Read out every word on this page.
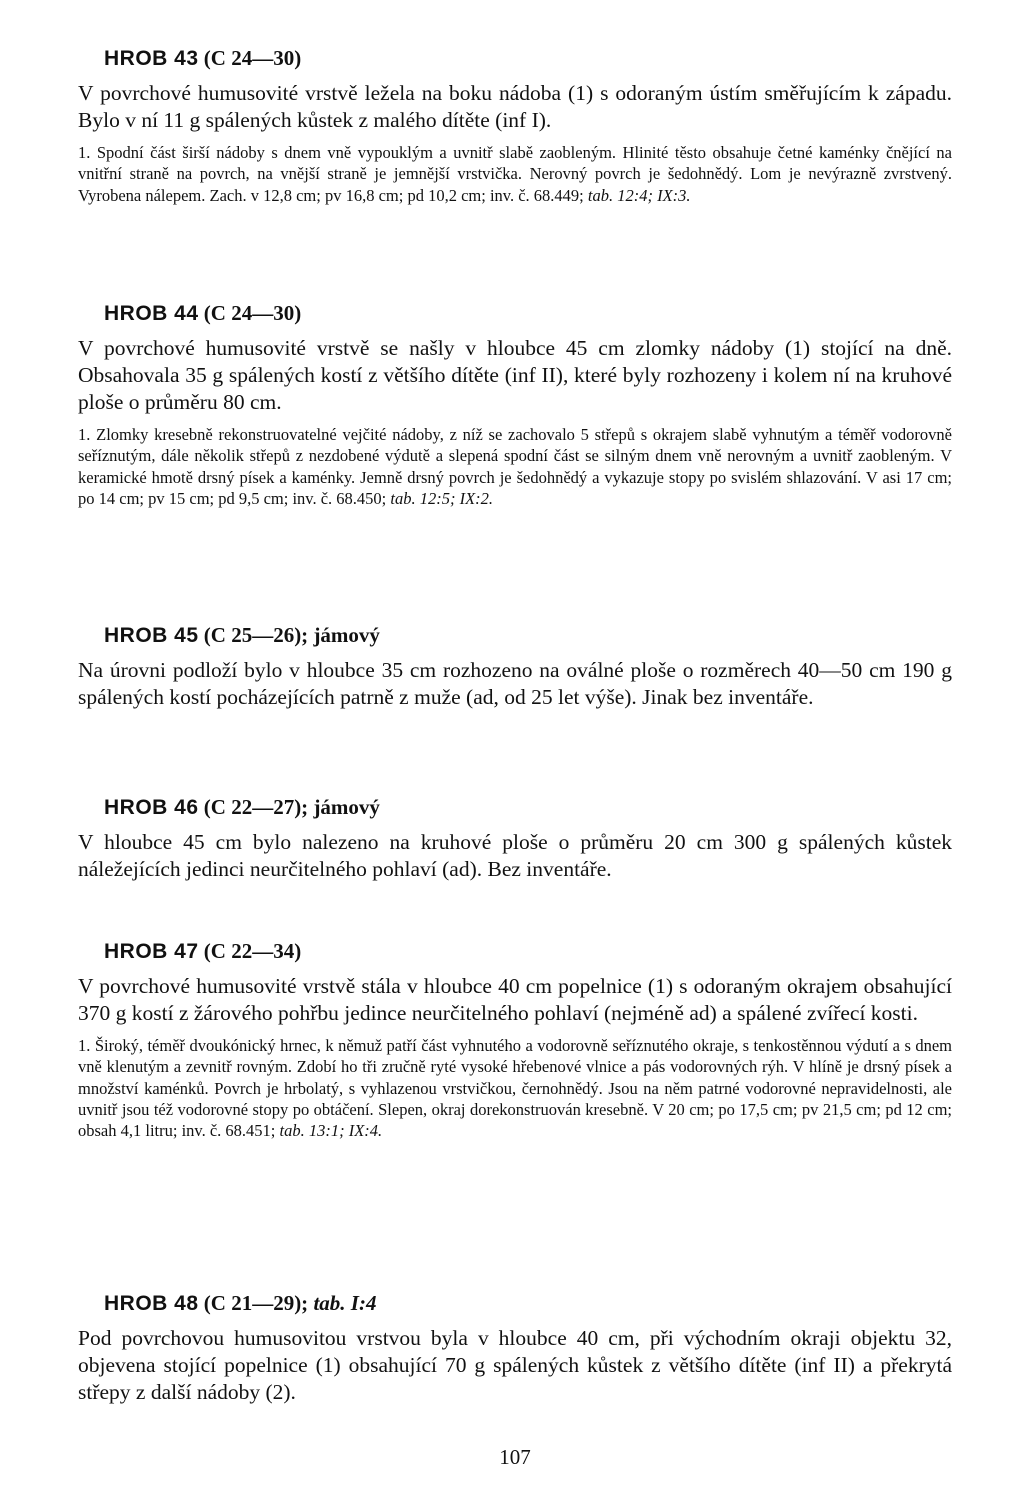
HROB 43 (C 24—30)

V povrchové humusovité vrstvě ležela na boku nádoba (1) s odoraným ústím směřujícím k západu. Bylo v ní 11 g spálených kůstek z malého dítěte (inf I).

1. Spodní část širší nádoby s dnem vně vypouklým a uvnitř slabě zaobleným. Hlinité těsto obsahuje četné kaménky čnějící na vnitřní straně na povrch, na vnější straně je jemnější vrstvička. Nerovný povrch je šedohnědý. Lom je nevýrazně zvrstvený. Vyrobena nálepem. Zach. v 12,8 cm; pv 16,8 cm; pd 10,2 cm; inv. č. 68.449; tab. 12:4; IX:3.

HROB 44 (C 24—30)

V povrchové humusovité vrstvě se našly v hloubce 45 cm zlomky nádoby (1) stojící na dně. Obsahovala 35 g spálených kostí z většího dítěte (inf II), které byly rozhozeny i kolem ní na kruhové ploše o průměru 80 cm.

1. Zlomky kresebně rekonstruovatelné vejčité nádoby, z níž se zachovalo 5 střepů s okrajem slabě vyhnutým a téměř vodorovně seříznutým, dále několik střepů z nezdobené výdutě a slepená spodní část se silným dnem vně nerovným a uvnitř zaobleným. V keramické hmotě drsný písek a kaménky. Jemně drsný povrch je šedohnědý a vykazuje stopy po svislém shlazování. V asi 17 cm; po 14 cm; pv 15 cm; pd 9,5 cm; inv. č. 68.450; tab. 12:5; IX:2.

HROB 45 (C 25—26); jámový

Na úrovni podloží bylo v hloubce 35 cm rozhozeno na oválné ploše o rozměrech 40—50 cm 190 g spálených kostí pocházejících patrně z muže (ad, od 25 let výše). Jinak bez inventáře.

HROB 46 (C 22—27); jámový

V hloubce 45 cm bylo nalezeno na kruhové ploše o průměru 20 cm 300 g spálených kůstek náležejících jedinci neurčitelného pohlaví (ad). Bez inventáře.

HROB 47 (C 22—34)

V povrchové humusovité vrstvě stála v hloubce 40 cm popelnice (1) s odoraným okrajem obsahující 370 g kostí z žárového pohřbu jedince neurčitelného pohlaví (nejméně ad) a spálené zvířecí kosti.

1. Široký, téměř dvoukónický hrnec, k němuž patří část vyhnutého a vodorovně seříznutého okraje, s tenkostěnnou výdutí a s dnem vně klenutým a zevnitř rovným. Zdobí ho tři zručně ryté vysoké hřebenové vlnice a pás vodorovných rýh. V hlíně je drsný písek a množství kaménků. Povrch je hrbolatý, s vyhlazenou vrstvičkou, černohnědý. Jsou na něm patrné vodorovné nepravidelnosti, ale uvnitř jsou též vodorovné stopy po obtáčení. Slepen, okraj dorekonstruován kresebně. V 20 cm; po 17,5 cm; pv 21,5 cm; pd 12 cm; obsah 4,1 litru; inv. č. 68.451; tab. 13:1; IX:4.

HROB 48 (C 21—29); tab. I:4

Pod povrchovou humusovitou vrstvou byla v hloubce 40 cm, při východním okraji objektu 32, objevena stojící popelnice (1) obsahující 70 g spálených kůstek z většího dítěte (inf II) a překrytá střepy z další nádoby (2).

107
